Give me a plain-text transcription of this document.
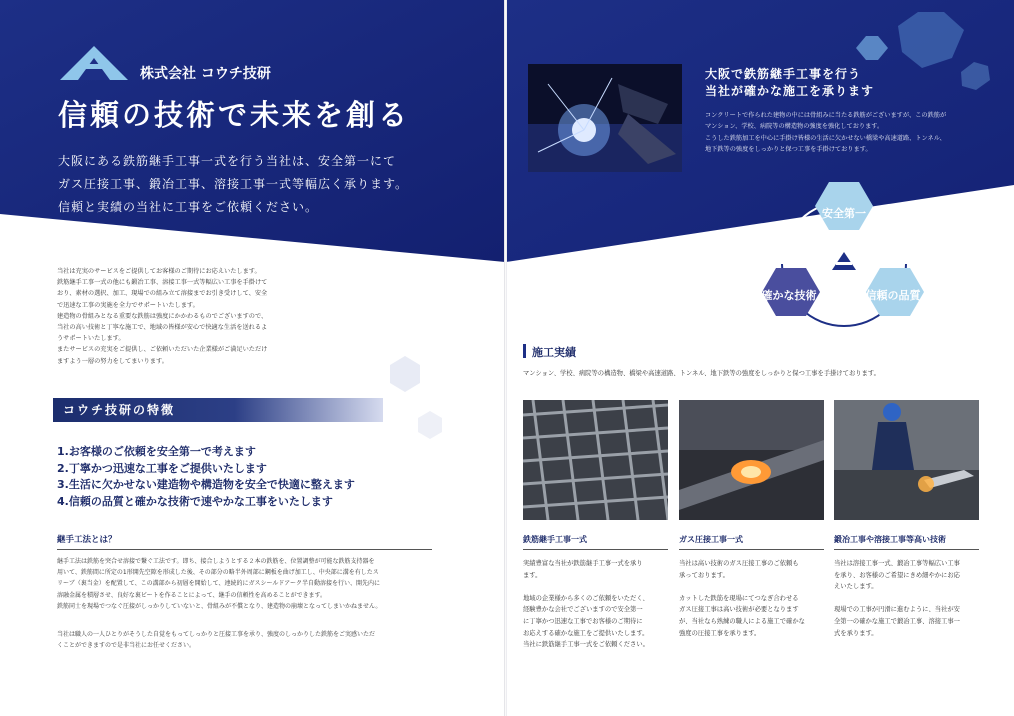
株式会社 コウチ技研
信頼の技術で未来を創る
大阪にある鉄筋継手工事一式を行う当社は、安全第一にて
ガス圧接工事、鍛冶工事、溶接工事一式等幅広く承ります。
信頼と実績の当社に工事をご依頼ください。
当社は充実のサービスをご提供してお客様のご期待にお応えいたします。
鉄筋継手工事一式の他にも鍛冶工事、溶接工事一式等幅広い工事を手掛けて
おり、素材の選択、加工、現場での組み立て溶接までお引き受けして、安全
で迅速な工事の実施を全力でサポートいたします。
建造物の骨組みとなる重要な鉄筋は強度にかかわるものでございますので、
当社の高い技術と丁寧な施工で、地域の皆様が安心で快適な生活を送れるよ
うサポートいたします。
またサービスの充実をご提供し、ご依頼いただいた企業様がご満足いただけ
ますよう一層の努力をしてまいります。
コウチ技研の特徴
1.お客様のご依頼を安全第一で考えます
2.丁寧かつ迅速な工事をご提供いたします
3.生活に欠かせない建造物や構造物を安全で快適に整えます
4.信頼の品質と確かな技術で速やかな工事をいたします
継手工法とは？
継手工法は鉄筋を突合せ溶接で繋ぐ工法です。即ち、接合しようとする２本の鉄筋を、位置調整が可能な鉄筋支持器を
用いて、鉄筋間に所定の1形開先空隙を形成した後、その部分の略半外周部に鋼板を曲げ加工し、中央部に溝を有したス
リーブ（裏当金）を配置して、この溝部から初層を開始して、連続的にガスシールドアーク半自動溶接を行い、開先内に
溶融金属を積層させ、良好な裏ビートを作ることによって、継手の信頼性を高めることができます。
鉄筋同士を現場でつなぐ圧接がしっかりしていないと、骨組みが不償となり、建造物の崩壊となってしまいかねません。
当社は職人の一人ひとりがそうした自覚をもってしっかりと圧接工事を承り、強度のしっかりした鉄筋をご実感いただ
くことができますので是非当社にお任せください。
大阪で鉄筋継手工事を行う
当社が確かな施工を承ります
コンクリートで作られた建物の中には骨組みに当たる鉄筋がございますが、この鉄筋が
マンション、学校、病院等の構造物の強度を強化しております。
こうした鉄筋加工を中心に手掛け皆様の生活に欠かせない橋梁や高速道路、トンネル、
地下鉄等の強度をしっかりと保つ工事を手掛けております。
安全第一
確かな技術	信頼の品質
施工実績
マンション、学校、病院等の構造物、橋梁や高速道路、トンネル、地下鉄等の強度をしっかりと保つ工事を手掛けております。
鉄筋継手工事一式	ガス圧接工事一式	鍛冶工事や溶接工事等高い技術
実績豊富な当社が鉄筋継手工事一式を承り
ます。

地域の企業様から多くのご依頼をいただく、
経験豊かな会社でございますので安全第一
に丁寧かつ迅速な工事でお客様のご期待に
お応えする確かな施工をご提供いたします。
当社に鉄筋継手工事一式をご依頼ください。
当社は高い技術のガス圧接工事のご依頼も
承っております。

カットした鉄筋を現場にてつなぎ合わせる
ガス圧接工事は高い技術が必要となります
が、当社なら熟練の職人による施工で確かな
強度の圧接工事を承ります。
当社は溶接工事一式、鍛冶工事等幅広い工事
を承り、お客様のご希望にきめ細やかにお応
えいたします。

現場での工事が円滑に進むように、当社が安
全第一の確かな施工で鍛冶工事、溶接工事一
式を承ります。
